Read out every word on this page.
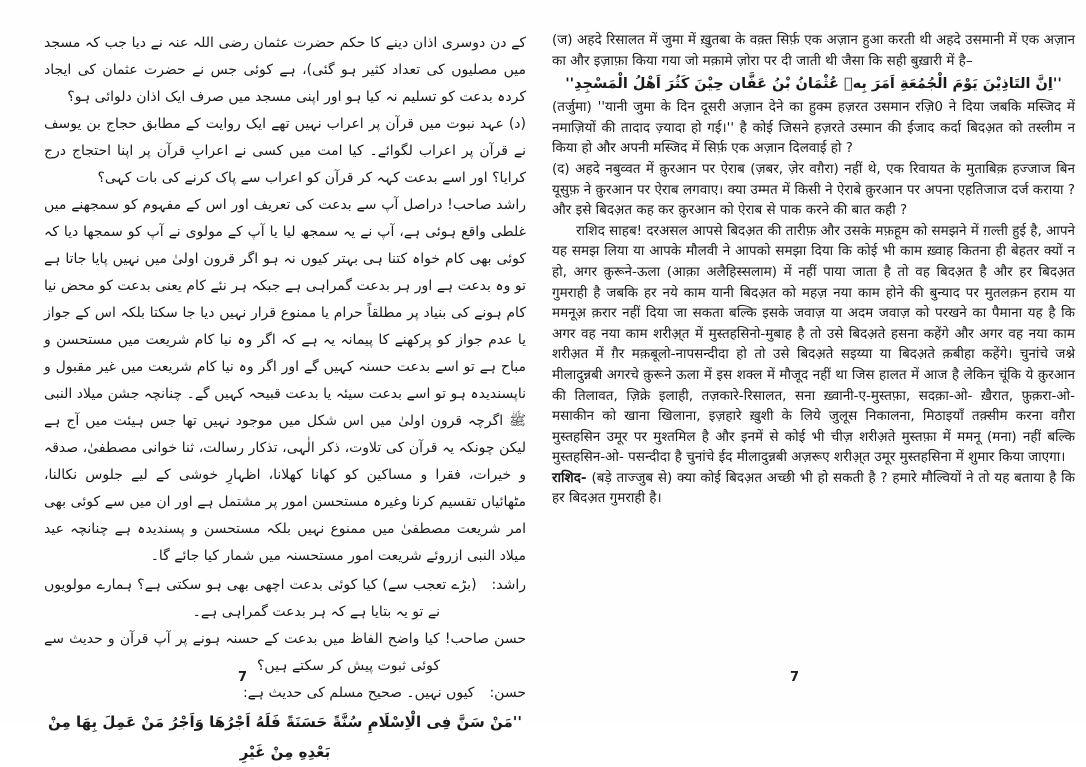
کے دن دوسری اذان دینے کا حکم حضرت عثمان رضی اللہ عنہ نے دیا جب کہ مسجد میں مصلیوں کی تعداد کثیر ہو گئی)، ہے کوئی جس نے حضرت عثمان کی ایجاد کردہ بدعت کو تسلیم نہ کیا ہو اور اپنی مسجد میں صرف ایک اذان دلوائی ہو؟

(د) عہد نبوت میں قرآن پر اعراب نہیں تھے ایک روایت کے مطابق حجاج بن یوسف نے قرآن پر اعراب لگوائے۔ کیا امت میں کسی نے اعرابِ قرآن پر اپنا احتجاج درج کرایا؟ اور اسے بدعت کہہ کر قرآن کو اعراب سے پاک کرنے کی بات کہی؟

راشد صاحب! دراصل آپ سے بدعت کی تعریف اور اس کے مفہوم کو سمجھنے میں غلطی واقع ہوئی ہے، آپ نے یہ سمجھ لیا یا آپ کے مولوی نے آپ کو سمجھا دیا کہ کوئی بھی کام خواہ کتنا ہی بہتر کیوں نہ ہو اگر قرون اولیٰ میں نہیں پایا جاتا ہے تو وہ بدعت ہے اور ہر بدعت گمراہی ہے جبکہ ہر نئے کام یعنی بدعت کو محض نیا کام ہونے کی بنیاد پر مطلقاً حرام یا ممنوع قرار نہیں دیا جا سکتا بلکہ اس کے جواز یا عدم جواز کو پرکھنے کا پیمانہ یہ ہے کہ اگر وہ نیا کام شریعت میں مستحسن و مباح ہے تو اسے بدعت حسنہ کہیں گے اور اگر وہ نیا کام شریعت میں غیر مقبول و ناپسندیدہ ہو تو اسے بدعت سیئہ یا بدعت قبیحہ کہیں گے۔ چنانچہ جشن میلاد النبی ﷺ اگرچہ قرون اولیٰ میں اس شکل میں موجود نہیں تھا جس ہیئت میں آج ہے لیکن چونکہ یہ قرآن کی تلاوت، ذکر الٰہی، تذکار رسالت، ثنا خوانی مصطفیٰ، صدقہ و خیرات، فقرا و مساکین کو کھانا کھلانا، اظہارِ خوشی کے لیے جلوس نکالنا، مٹھائیاں تقسیم کرنا وغیرہ مستحسن امور پر مشتمل ہے اور ان میں سے کوئی بھی امر شریعت مصطفیٰ میں ممنوع نہیں بلکہ مستحسن و پسندیدہ ہے چنانچہ عید میلاد النبی ازروئے شریعت امور مستحسنہ میں شمار کیا جائے گا۔

راشد:(بڑے تعجب سے) کیا کوئی بدعت اچھی بھی ہو سکتی ہے؟ ہمارے مولویوں نے تو یہ بتایا ہے کہ ہر بدعت گمراہی ہے۔

حسن صاحب! کیا واضح الفاظ میں بدعت کے حسنہ ہونے پر آپ قرآن و حدیث سے کوئی ثبوت پیش کر سکتے ہیں؟

حسن:کیوں نہیں۔ صحیح مسلم کی حدیث ہے:

''مَنْ سَنَّ فِی الْاِسْلَامِ سُنَّةً حَسَنَةً فَلَهُ اَجْرُهَا وَاَجْرُ مَنْ عَمِلَ بِهَا مِنْ بَعْدِهِ مِنْ غَیْرِ

(ज) अहदे रिसालत में जुमा में ख़ुतबा के वक़्त सिर्फ़ एक अज़ान हुआ करती थी अहदे उसमानी में एक अज़ान का और इज़ाफ़ा किया गया जो मक़ामे ज़ोरा पर दी जाती थी जैसा कि सही बुख़ारी में है–

''اِنَّ التَاذِیْنَ یَوْمَ الْجُمُعَةِ اَمَرَ بِهٖ عُثْمَانُ بْنُ عَفَّان حِیْنَ کَثُرَ اَهْلُ الْمَسْجِدِ''

(तर्जुमा) ''यानी जुमा के दिन दूसरी अज़ान देने का हुक्म हज़रत उसमान रज़ि0 ने दिया जबकि मस्जिद में नमाज़ियों की तादाद ज़्यादा हो गई।'' है कोई जिसने हज़रते उस्मान की ईजाद कर्दा बिदअ़त को तस्लीम न किया हो और अपनी मस्जिद में सिर्फ़ एक अज़ान दिलवाई हो ?

(द) अहदे नबुव्वत में क़ुरआन पर ऐराब (ज़बर, ज़ेर वग़ैरा) नहीं थे, एक रिवायत के मुताबिक़ हज्जाज बिन यूसुफ़ ने क़ुरआन पर ऐराब लगवाए। क्या उम्मत में किसी ने ऐराबे क़ुरआन पर अपना एहतिजाज दर्ज कराया ? और इसे बिदअ़त कह कर क़ुरआन को ऐराब से पाक करने की बात कही ?

राशिद साहब! दरअसल आपसे बिदअ़त की तारीफ़ और उसके मफ़हूम को समझने में ग़ल्ती हुई है, आपने यह समझ लिया या आपके मौलवी ने आपको समझा दिया कि कोई भी काम ख़्वाह कितना ही बेहतर क्यों न हो, अगर क़ुरूने-ऊला (आक़ा अलैहिस्सलाम) में नहीं पाया जाता है तो वह बिदअ़त है और हर बिदअ़त गुमराही है जबकि हर नये काम यानी बिदअ़त को महज़ नया काम होने की बुन्याद पर मुतलक़न हराम या ममनूअ़ क़रार नहीं दिया जा सकता बल्कि इसके जवाज़ या अदम जवाज़ को परखने का पैमाना यह है कि अगर वह नया काम शरीअ़्त में मुस्तहसिनो-मुबाह है तो उसे बिदअ़ते हसना कहेंगे और अगर वह नया काम शरीअ़त में ग़ैर मक़बूलो-नापसन्दीदा हो तो उसे बिदअ़ते सइय्या या बिदअ़ते क़बीहा कहेंगे। चुनांचे जश्ने मीलादुन्नबी अगरचे क़ुरूने ऊला में इस शक्ल में मौजूद नहीं था जिस हालत में आज है लेकिन चूंकि ये क़ुरआन की तिलावत, ज़िक्रे इलाही, तज़कारे-रिसालत, सना ख़्वानी-ए-मुस्तफ़ा, सदक़ा-ओ- ख़ैरात, फ़ुक़रा-ओ-मसाकीन को खाना खिलाना, इज़हारे ख़ुशी के लिये जुलूस निकालना, मिठाइयाँ तक़्सीम करना वग़ैरा मुस्तहसिन उमूर पर मुश्तमिल है और इनमें से कोई भी चीज़ शरीअ़ते मुस्तफ़ा में ममनू (मना) नहीं बल्कि मुस्तहसिन-ओ- पसन्दीदा है चुनांचे ईद मीलादुन्नबी अज़रूए शरीअ़्त उमूर मुस्तहसिना में शुमार किया जाएगा।

राशिद- (बड़े ताज्जुब से) क्या कोई बिदअ़त अच्छी भी हो सकती है ? हमारे मौल्वियों ने तो यह बताया है कि हर बिदअ़त गुमराही है।

7	7
